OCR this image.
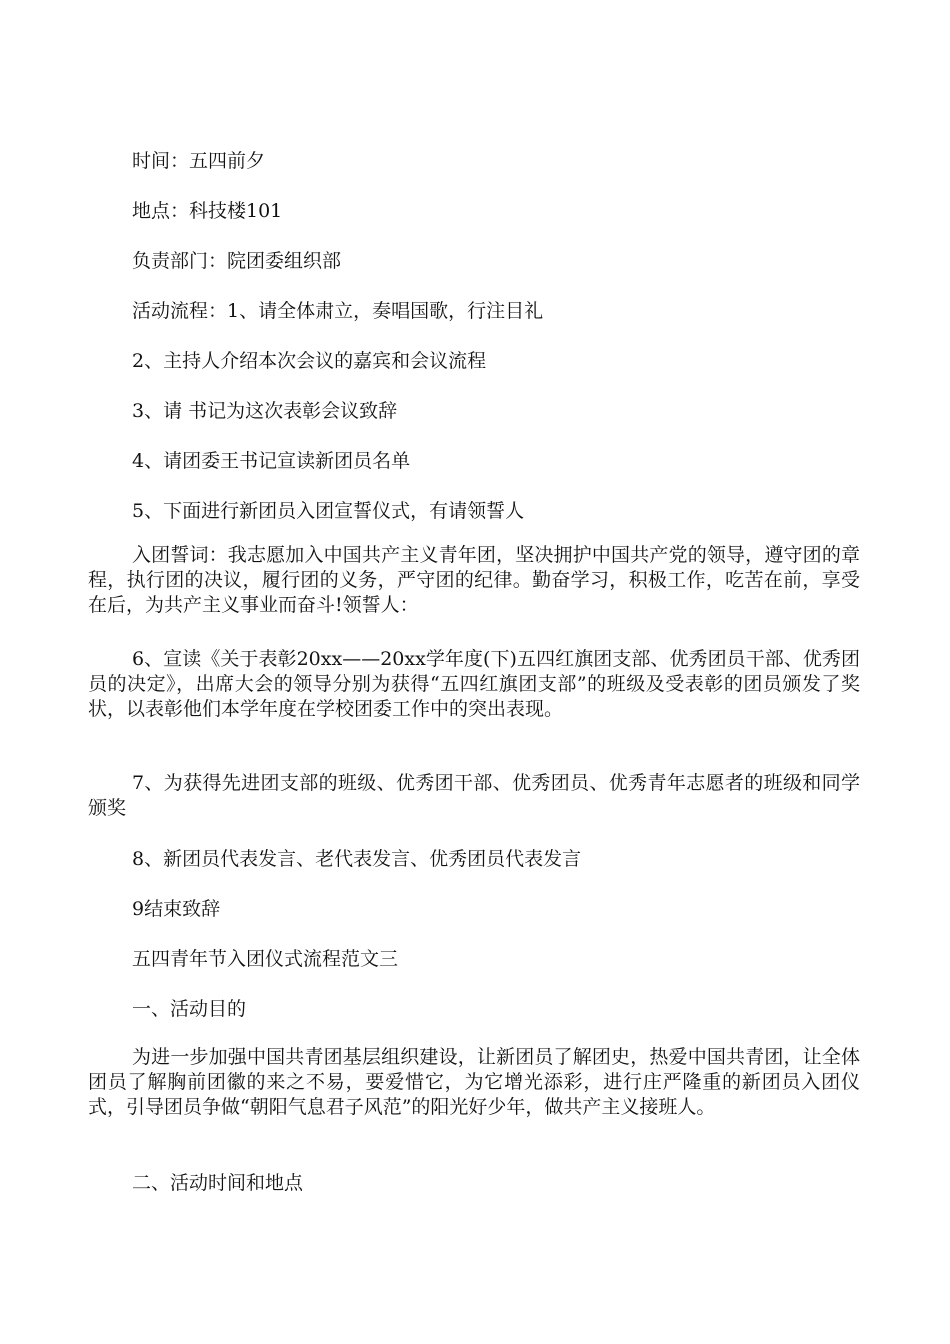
时间：五四前夕

地点：科技楼101

负责部门：院团委组织部

活动流程：1、请全体肃立，奏唱国歌，行注目礼

2、主持人介绍本次会议的嘉宾和会议流程

3、请 书记为这次表彰会议致辞

4、请团委王书记宣读新团员名单

5、下面进行新团员入团宣誓仪式，有请领誓人

入团誓词：我志愿加入中国共产主义青年团，坚决拥护中国共产党的领导，遵守团的章程，执行团的决议，履行团的义务，严守团的纪律。勤奋学习，积极工作，吃苦在前，享受在后，为共产主义事业而奋斗!领誓人：

6、宣读《关于表彰20xx——20xx学年度(下)五四红旗团支部、优秀团员干部、优秀团员的决定》，出席大会的领导分别为获得“五四红旗团支部”的班级及受表彰的团员颁发了奖状，以表彰他们本学年度在学校团委工作中的突出表现。

7、为获得先进团支部的班级、优秀团干部、优秀团员、优秀青年志愿者的班级和同学颁奖

8、新团员代表发言、老代表发言、优秀团员代表发言

9结束致辞

五四青年节入团仪式流程范文三

一、活动目的

为进一步加强中国共青团基层组织建设，让新团员了解团史，热爱中国共青团，让全体团员了解胸前团徽的来之不易，要爱惜它，为它增光添彩，进行庄严隆重的新团员入团仪式，引导团员争做“朝阳气息君子风范”的阳光好少年，做共产主义接班人。

二、活动时间和地点
